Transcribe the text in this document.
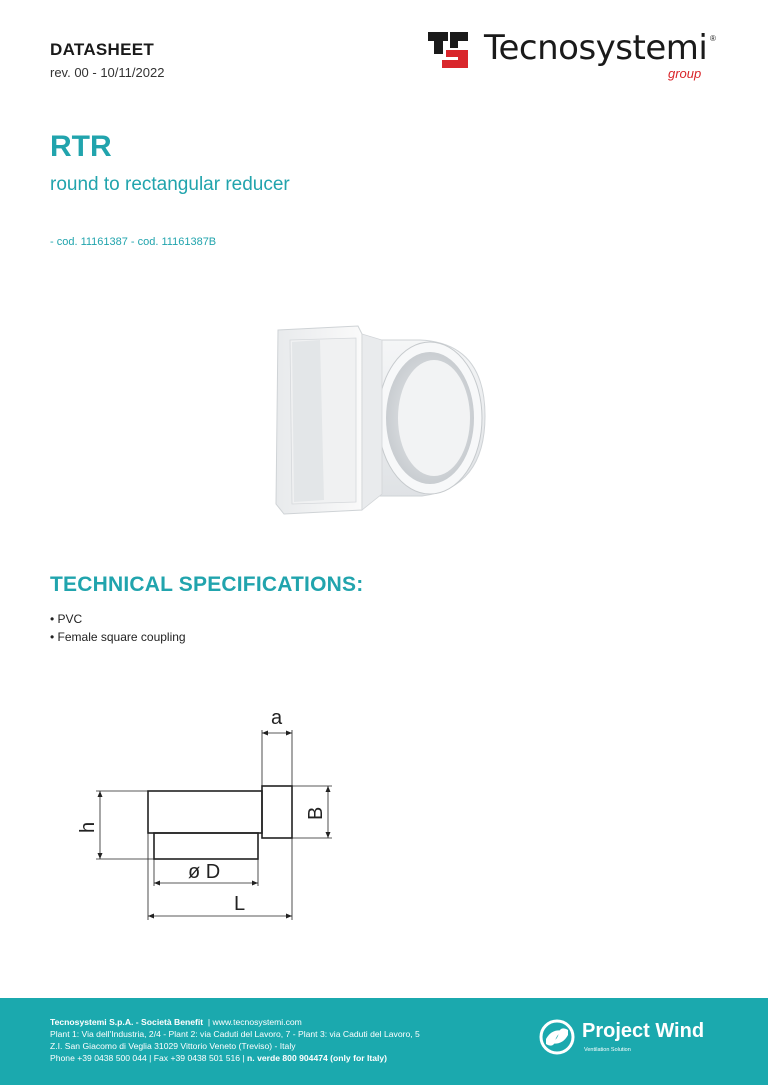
DATASHEET
rev. 00 - 10/11/2022
Tecnosystemi ®
group
RTR
round to rectangular reducer
- cod. 11161387 - cod. 11161387B
TECHNICAL SPECIFICATIONS:
• PVC
• Female square coupling
a
B
h
ø D
L
Tecnosystemi S.p.A. - Società Benefit | www.tecnosystemi.com
Plant 1: Via dell'Industria, 2/4 - Plant 2: via Caduti del Lavoro, 7 - Plant 3: via Caduti del Lavoro, 5
Z.I. San Giacomo di Veglia 31029 Vittorio Veneto (Treviso) - Italy
Phone +39 0438 500 044 | Fax +39 0438 501 516 | n. verde 800 904474 (only for Italy)
Project Wind
Ventilation Solution
